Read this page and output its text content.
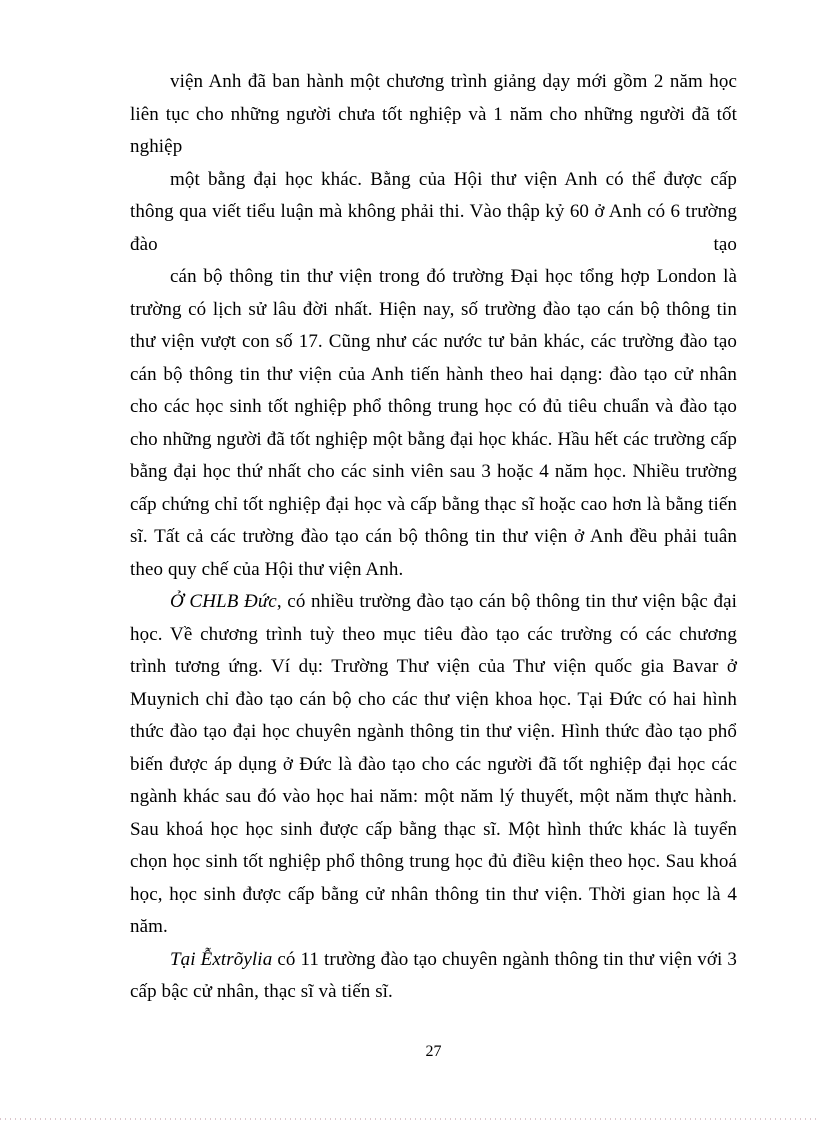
viện Anh đã ban hành một chương trình giảng dạy mới gồm 2 năm học liên tục cho những người chưa tốt nghiệp và 1 năm cho những người đã tốt nghiệp

một bằng đại học khác. Bằng của Hội thư viện Anh có thể được cấp thông qua viết tiểu luận mà không phải thi. Vào thập kỷ 60 ở Anh có 6 trường đào tạo

cán bộ thông tin thư viện trong đó trường Đại học tổng hợp London là trường có lịch sử lâu đời nhất. Hiện nay, số trường đào tạo cán bộ thông tin thư viện vượt con số 17. Cũng như các nước tư bản khác, các trường đào tạo cán bộ thông tin thư viện của Anh tiến hành theo hai dạng: đào tạo cử nhân cho các học sinh tốt nghiệp phổ thông trung học có đủ tiêu chuẩn và đào tạo cho những người đã tốt nghiệp một bằng đại học khác. Hầu hết các trường cấp bằng đại học thứ nhất cho các sinh viên sau 3 hoặc 4 năm học. Nhiều trường cấp chứng chỉ tốt nghiệp đại học và cấp bằng thạc sĩ hoặc cao hơn là bằng tiến sĩ. Tất cả các trường đào tạo cán bộ thông tin thư viện ở Anh đều phải tuân theo quy chế của Hội thư viện Anh.

Ở CHLB Đức, có nhiều trường đào tạo cán bộ thông tin thư viện bậc đại học. Về chương trình tuỳ theo mục tiêu đào tạo các trường có các chương trình tương ứng. Ví dụ: Trường Thư viện của Thư viện quốc gia Bavar ở Muynich chỉ đào tạo cán bộ cho các thư viện khoa học. Tại Đức có hai hình thức đào tạo đại học chuyên ngành thông tin thư viện. Hình thức đào tạo phổ biến được áp dụng ở Đức là đào tạo cho các người đã tốt nghiệp đại học các ngành khác sau đó vào học hai năm: một năm lý thuyết, một năm thực hành. Sau khoá học học sinh được cấp bằng thạc sĩ. Một hình thức khác là tuyển chọn học sinh tốt nghiệp phổ thông trung học đủ điều kiện theo học. Sau khoá học, học sinh được cấp bằng cử nhân thông tin thư viện. Thời gian học là 4 năm.

Tại Ễxtrõylia có 11 trường đào tạo chuyên ngành thông tin thư viện với 3 cấp bậc cử nhân, thạc sĩ và tiến sĩ.

27
